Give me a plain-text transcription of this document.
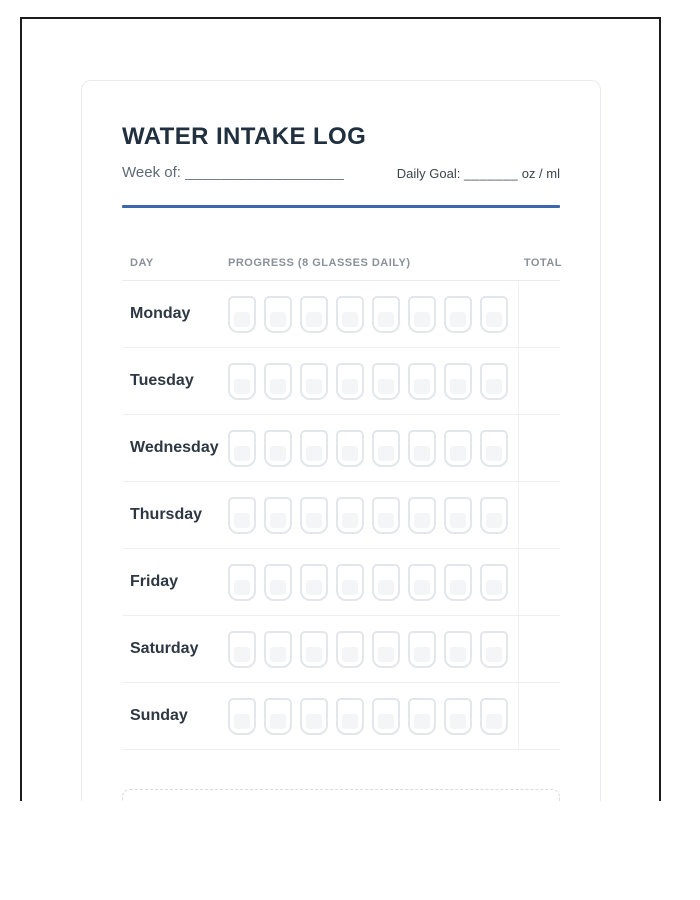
WATER INTAKE LOG
Week of: __________________	Daily Goal: _______ oz / ml
DAY	PROGRESS (8 GLASSES DAILY)	TOTAL
Monday
Tuesday
Wednesday
Thursday
Friday
Saturday
Sunday
